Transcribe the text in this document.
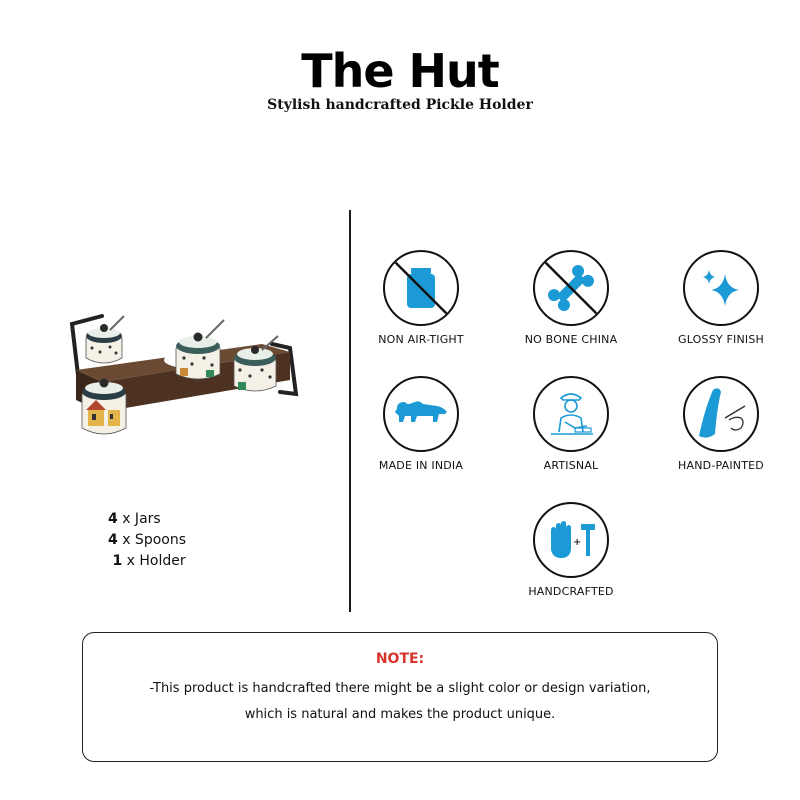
The Hut
Stylish handcrafted Pickle Holder
4 x Jars
4 x Spoons
1 x Holder
NON AIR-TIGHT	NO BONE CHINA	GLOSSY FINISH
MADE IN INDIA	ARTISNAL	HAND-PAINTED
+
HANDCRAFTED
NOTE:
-This product is handcrafted there might be a slight color or design variation,
which is natural and makes the product unique.
